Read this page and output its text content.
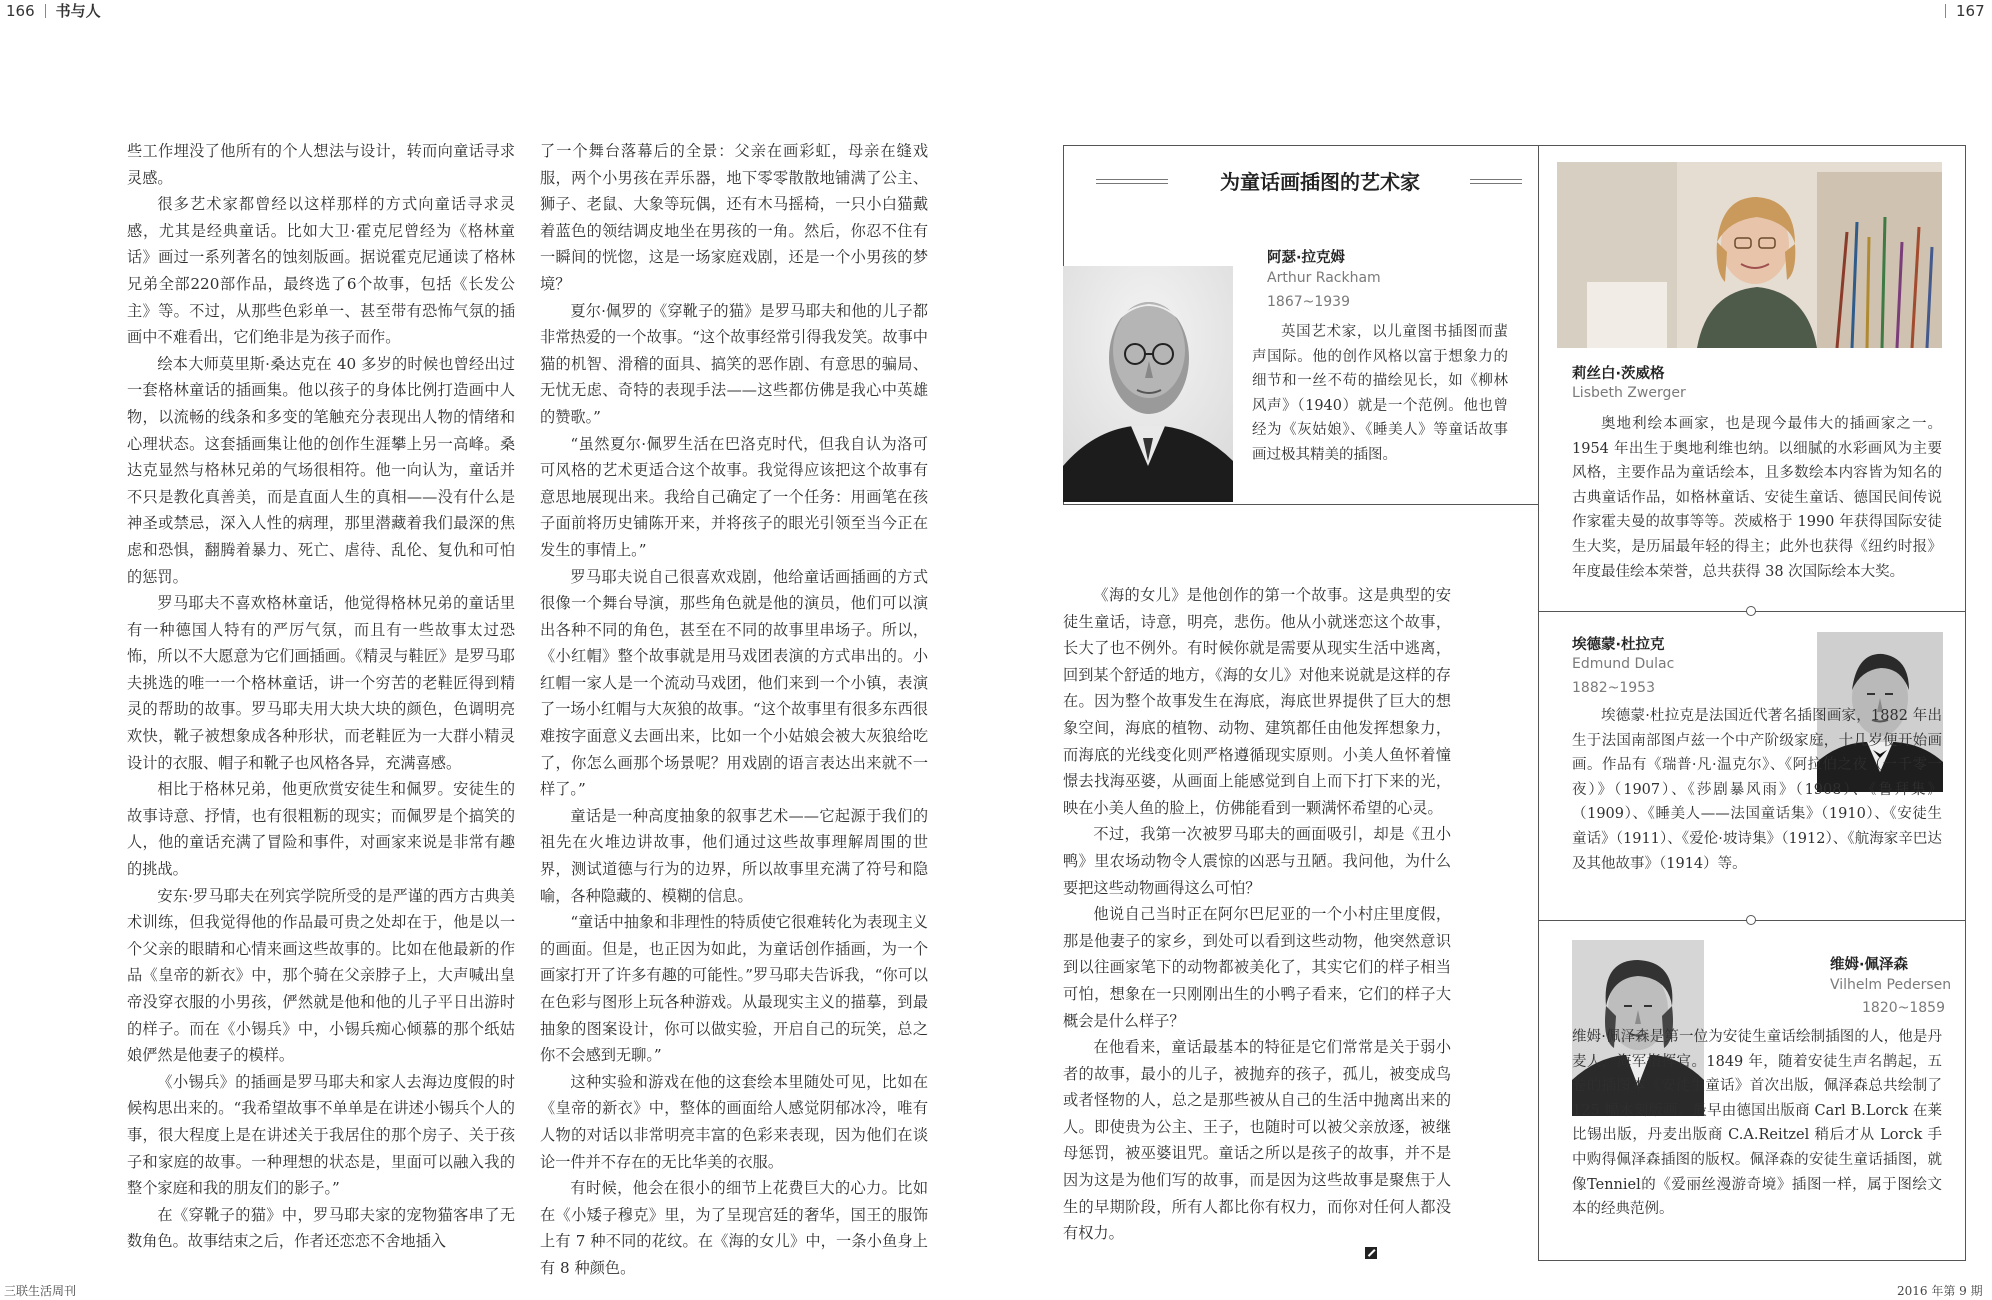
166 书与人	167

些工作埋没了他所有的个人想法与设计，转而向童话寻求灵感。

很多艺术家都曾经以这样那样的方式向童话寻求灵感，尤其是经典童话。比如大卫·霍克尼曾经为《格林童话》画过一系列著名的蚀刻版画。据说霍克尼通读了格林兄弟全部220部作品，最终选了6个故事，包括《长发公主》等。不过，从那些色彩单一、甚至带有恐怖气氛的插画中不难看出，它们绝非是为孩子而作。

绘本大师莫里斯·桑达克在 40 多岁的时候也曾经出过一套格林童话的插画集。他以孩子的身体比例打造画中人物，以流畅的线条和多变的笔触充分表现出人物的情绪和心理状态。这套插画集让他的创作生涯攀上另一高峰。桑达克显然与格林兄弟的气场很相符。他一向认为，童话并不只是教化真善美，而是直面人生的真相——没有什么是神圣或禁忌，深入人性的病理，那里潜藏着我们最深的焦虑和恐惧，翻腾着暴力、死亡、虐待、乱伦、复仇和可怕的惩罚。

罗马耶夫不喜欢格林童话，他觉得格林兄弟的童话里有一种德国人特有的严厉气氛，而且有一些故事太过恐怖，所以不大愿意为它们画插画。《精灵与鞋匠》是罗马耶夫挑选的唯一一个格林童话，讲一个穷苦的老鞋匠得到精灵的帮助的故事。罗马耶夫用大块大块的颜色，色调明亮欢快，靴子被想象成各种形状，而老鞋匠为一大群小精灵设计的衣服、帽子和靴子也风格各异，充满喜感。

相比于格林兄弟，他更欣赏安徒生和佩罗。安徒生的故事诗意、抒情，也有很粗粝的现实；而佩罗是个搞笑的人，他的童话充满了冒险和事件，对画家来说是非常有趣的挑战。

安东·罗马耶夫在列宾学院所受的是严谨的西方古典美术训练，但我觉得他的作品最可贵之处却在于，他是以一个父亲的眼睛和心情来画这些故事的。比如在他最新的作品《皇帝的新衣》中，那个骑在父亲脖子上，大声喊出皇帝没穿衣服的小男孩，俨然就是他和他的儿子平日出游时的样子。而在《小锡兵》中，小锡兵痴心倾慕的那个纸姑娘俨然是他妻子的模样。

《小锡兵》的插画是罗马耶夫和家人去海边度假的时候构思出来的。“我希望故事不单单是在讲述小锡兵个人的事，很大程度上是在讲述关于我居住的那个房子、关于孩子和家庭的故事。一种理想的状态是，里面可以融入我的整个家庭和我的朋友们的影子。”

在《穿靴子的猫》中，罗马耶夫家的宠物猫客串了无数角色。故事结束之后，作者还恋恋不舍地插入

了一个舞台落幕后的全景：父亲在画彩虹，母亲在缝戏服，两个小男孩在弄乐器，地下零零散散地铺满了公主、狮子、老鼠、大象等玩偶，还有木马摇椅，一只小白猫戴着蓝色的领结调皮地坐在男孩的一角。然后，你忍不住有一瞬间的恍惚，这是一场家庭戏剧，还是一个小男孩的梦境？

夏尔·佩罗的《穿靴子的猫》是罗马耶夫和他的儿子都非常热爱的一个故事。“这个故事经常引得我发笑。故事中猫的机智、滑稽的面具、搞笑的恶作剧、有意思的骗局、无忧无虑、奇特的表现手法——这些都仿佛是我心中英雄的赞歌。”

“虽然夏尔·佩罗生活在巴洛克时代，但我自认为洛可可风格的艺术更适合这个故事。我觉得应该把这个故事有意思地展现出来。我给自己确定了一个任务：用画笔在孩子面前将历史铺陈开来，并将孩子的眼光引领至当今正在发生的事情上。”

罗马耶夫说自己很喜欢戏剧，他给童话画插画的方式很像一个舞台导演，那些角色就是他的演员，他们可以演出各种不同的角色，甚至在不同的故事里串场子。所以，《小红帽》整个故事就是用马戏团表演的方式串出的。小红帽一家人是一个流动马戏团，他们来到一个小镇，表演了一场小红帽与大灰狼的故事。“这个故事里有很多东西很难按字面意义去画出来，比如一个小姑娘会被大灰狼给吃了，你怎么画那个场景呢？用戏剧的语言表达出来就不一样了。”

童话是一种高度抽象的叙事艺术——它起源于我们的祖先在火堆边讲故事，他们通过这些故事理解周围的世界，测试道德与行为的边界，所以故事里充满了符号和隐喻，各种隐藏的、模糊的信息。

“童话中抽象和非理性的特质使它很难转化为表现主义的画面。但是，也正因为如此，为童话创作插画，为一个画家打开了许多有趣的可能性。”罗马耶夫告诉我，“你可以在色彩与图形上玩各种游戏。从最现实主义的描摹，到最抽象的图案设计，你可以做实验，开启自己的玩笑，总之你不会感到无聊。”

这种实验和游戏在他的这套绘本里随处可见，比如在《皇帝的新衣》中，整体的画面给人感觉阴郁冰冷，唯有人物的对话以非常明亮丰富的色彩来表现，因为他们在谈论一件并不存在的无比华美的衣服。

有时候，他会在很小的细节上花费巨大的心力。比如在《小矮子穆克》里，为了呈现宫廷的奢华，国王的服饰上有 7 种不同的花纹。在《海的女儿》中，一条小鱼身上有 8 种颜色。

为童话画插图的艺术家
阿瑟·拉克姆
Arthur Rackham
1867~1939

英国艺术家，以儿童图书插图而蜚声国际。他的创作风格以富于想象力的细节和一丝不苟的描绘见长，如《柳林风声》（1940）就是一个范例。他也曾经为《灰姑娘》、《睡美人》等童话故事画过极其精美的插图。

莉丝白·茨威格
Lisbeth Zwerger

奥地利绘本画家，也是现今最伟大的插画家之一。1954 年出生于奥地利维也纳。以细腻的水彩画风为主要风格，主要作品为童话绘本，且多数绘本内容皆为知名的古典童话作品，如格林童话、安徒生童话、德国民间传说作家霍夫曼的故事等等。茨威格于 1990 年获得国际安徒生大奖，是历届最年轻的得主；此外也获得《纽约时报》年度最佳绘本荣誉，总共获得 38 次国际绘本大奖。

埃德蒙·杜拉克
Edmund Dulac
1882~1953

埃德蒙·杜拉克是法国近代著名插图画家，1882 年出生于法国南部图卢兹一个中产阶级家庭，十几岁便开始画画。作品有《瑞普·凡·温克尔》、《阿拉伯之夜（一千零一夜）》（1907）、《莎剧暴风雨》（1908）、《鲁拜集》（1909）、《睡美人——法国童话集》（1910）、《安徒生童话》（1911）、《爱伦·坡诗集》（1912）、《航海家辛巴达及其他故事》（1914）等。

维姆·佩泽森
Vilhelm Pedersen
1820~1859

维姆·佩泽森是第一位为安徒生童话绘制插图的人，他是丹麦人，海军指挥官。1849 年，随着安徒生声名鹊起，五卷的插图本《安徒生童话》首次出版，佩泽森总共绘制了 125 幅木刻版画。最早由德国出版商 Carl B.Lorck 在莱比锡出版，丹麦出版商 C.A.Reitzel 稍后才从 Lorck 手中购得佩泽森插图的版权。佩泽森的安徒生童话插图，就像Tenniel的《爱丽丝漫游奇境》插图一样，属于图绘文本的经典范例。

《海的女儿》是他创作的第一个故事。这是典型的安徒生童话，诗意，明亮，悲伤。他从小就迷恋这个故事，长大了也不例外。有时候你就是需要从现实生活中逃离，回到某个舒适的地方，《海的女儿》对他来说就是这样的存在。因为整个故事发生在海底，海底世界提供了巨大的想象空间，海底的植物、动物、建筑都任由他发挥想象力，而海底的光线变化则严格遵循现实原则。小美人鱼怀着憧憬去找海巫婆，从画面上能感觉到自上而下打下来的光，映在小美人鱼的脸上，仿佛能看到一颗满怀希望的心灵。

不过，我第一次被罗马耶夫的画面吸引，却是《丑小鸭》里农场动物令人震惊的凶恶与丑陋。我问他，为什么要把这些动物画得这么可怕？

他说自己当时正在阿尔巴尼亚的一个小村庄里度假，那是他妻子的家乡，到处可以看到这些动物，他突然意识到以往画家笔下的动物都被美化了，其实它们的样子相当可怕，想象在一只刚刚出生的小鸭子看来，它们的样子大概会是什么样子？

在他看来，童话最基本的特征是它们常常是关于弱小者的故事，最小的儿子，被抛弃的孩子，孤儿，被变成鸟或者怪物的人，总之是那些被从自己的生活中抛离出来的人。即使贵为公主、王子，也随时可以被父亲放逐，被继母惩罚，被巫婆诅咒。童话之所以是孩子的故事，并不是因为这是为他们写的故事，而是因为这些故事是聚焦于人生的早期阶段，所有人都比你有权力，而你对任何人都没有权力。

三联生活周刊	2016 年第 9 期
